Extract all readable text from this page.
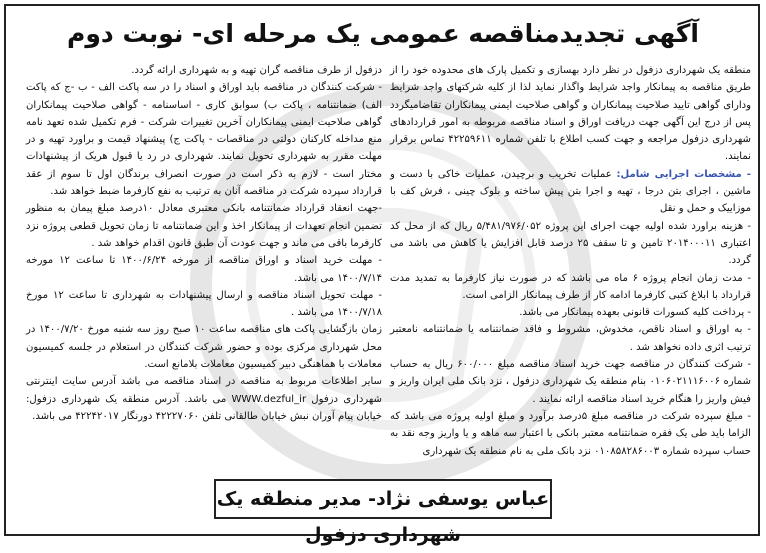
آگهی تجدیدمناقصه عمومی یک مرحله ای- نوبت دوم

منطقه یک شهرداری دزفول در نظر دارد بهسازی و تکمیل پارک های محدوده خود را از طریق مناقصه به پیمانکار واجد شرایط واگذار نماید لذا از کلیه شرکتهای واجد شرایط ودارای گواهی تایید صلاحیت پیمانکاران و گواهی صلاحیت ایمنی پیمانکاران تقاضامیگردد پس از درج این آگهی جهت دریافت اوراق و اسناد مناقصه مربوطه به امور قراردادهای شهرداری دزفول مراجعه و جهت کسب اطلاع با تلفن شماره ۴۲۲۵۹۶۱۱ تماس برقرار نمایند.

- مشخصات اجرایی شامل: عملیات تخریب و برچیدن، عملیات خاکی با دست و ماشین ، اجرای بتن درجا ، تهیه و اجرا بتن پیش ساخته و بلوک چینی ، فرش کف با موزاییک و حمل و نقل

- هزینه براورد شده اولیه جهت اجرای این پروژه ۵/۴۸۱/۹۷۶/۰۵۲ ریال که از محل کد اعتباری ۲۰۱۴۰۰۰۱۱ تامین و تا سقف ۲۵ درصد قابل افزایش یا کاهش می باشد می گردد.

- مدت زمان انجام پروژه ۶ ماه می باشد که در صورت نیاز کارفرما به تمدید مدت قرارداد با ابلاغ کتبی کارفرما ادامه کار از طرف پیمانکار الزامی است.

- پرداخت کلیه کسورات قانونی بعهده پیمانکار می باشد.

- به اوراق و اسناد ناقص، مخدوش، مشروط و فاقد ضمانتنامه یا ضمانتنامه نامعتبر ترتیب اثری داده نخواهد شد .

- شرکت کنندگان در مناقصه جهت خرید اسناد مناقصه مبلغ ۶۰۰/۰۰۰ ریال به حساب شماره ۰۱۰۶۰۲۱۱۱۶۰۰۶ بنام منطقه یک شهرداری دزفول ، نزد بانک ملی ایران واریز و فیش واریز را هنگام خرید اسناد مناقصه ارائه نمایند .

- مبلغ سپرده شرکت در مناقصه مبلغ ۵درصد برآورد و مبلغ اولیه پروژه می باشد که الزاما باید طی یک فقره ضمانتنامه معتبر بانکی با اعتبار سه ماهه و یا واریز وجه نقد به حساب سپرده شماره ۰۱۰۸۵۸۲۸۶۰۰۳ نزد بانک ملی به نام منطقه یک شهرداری

دزفول از طرف مناقصه گران تهیه و به شهرداری ارائه گردد.

- شرکت کنندگان در مناقصه باید اوراق و اسناد را در سه پاکت الف - ب -ج که پاکت الف) ضمانتنامه ، پاکت ب) سوابق کاری - اساسنامه - گواهی صلاحیت پیمانکاران گواهی صلاحیت ایمنی پیمانکاران آخرین تغییرات شرکت - فرم تکمیل شده تعهد نامه منع مداخله کارکنان دولتی در مناقصات - پاکت ج) پیشنهاد قیمت و براورد تهیه و در مهلت مقرر به شهرداری تحویل نمایند. شهرداری در رد یا قبول هریک از پیشنهادات مختار است - لازم به ذکر است در صورت انصراف برندگان اول تا سوم از عقد قرارداد سپرده شرکت در مناقصه آنان به ترتیب به نفع کارفرما ضبط خواهد شد.

-جهت انعقاد قرارداد ضمانتنامه بانکی معتبری معادل ۱۰درصد مبلغ پیمان به منظور تضمین انجام تعهدات از پیمانکار اخذ و این ضمانتنامه تا زمان تحویل قطعی پروژه نزد کارفرما باقی می ماند و جهت عودت آن طبق قانون اقدام خواهد شد .

- مهلت خرید اسناد و اوراق مناقصه از مورخه ۱۴۰۰/۶/۲۴ تا ساعت ۱۲ مورخه ۱۴۰۰/۷/۱۴ می باشد.

- مهلت تحویل اسناد مناقصه و ارسال پیشنهادات به شهرداری تا ساعت ۱۲ مورخ ۱۴۰۰/۷/۱۸ می باشد .

زمان بازگشایی پاکت های مناقصه ساعت ۱۰ صبح روز سه شنبه مورخ ۱۴۰۰/۷/۲۰ در محل شهرداری مرکزی بوده و حضور شرکت کنندگان در استعلام در جلسه کمیسیون معاملات با هماهنگی دبیر کمیسیون معاملات بلامانع است.

سایر اطلاعات مربوط به مناقصه در اسناد مناقصه می باشد آدرس سایت اینترنتی شهرداری دزفول WWW.dezful_ir می باشد. آدرس منطقه یک شهرداری دزفول: خیابان پیام آوران نبش خیابان طالقانی تلفن ۴۲۲۲۷۰۶۰ دورنگار ۴۲۲۴۲۰۱۷ می باشد.

عباس یوسفی نژاد- مدیر منطقه یک شهرداری دزفول
